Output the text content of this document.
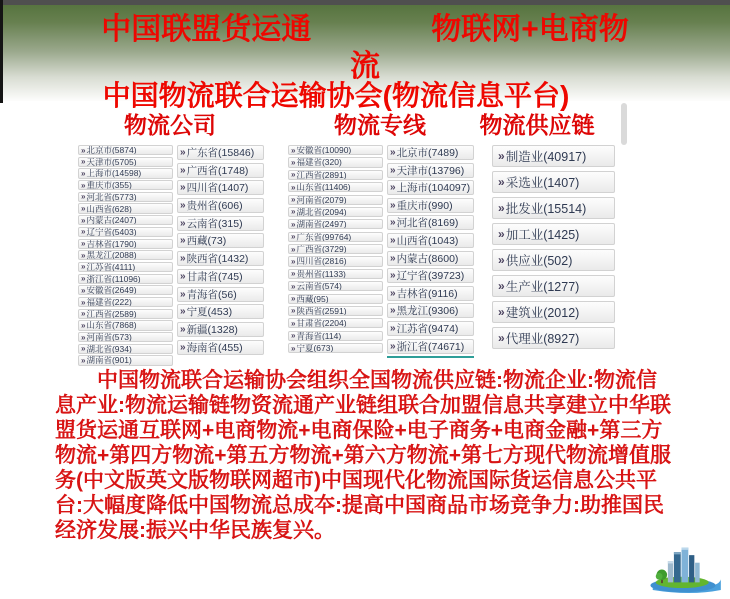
中国联盟货运通　　　　物联网+电商物流
中国物流联合运输协会(物流信息平台)
物流公司	物流专线	物流供应链
» 北京市(5874)
» 天津市(5705)
» 上海市(14598)
» 重庆市(355)
» 河北省(5773)
» 山西省(628)
» 内蒙古(2407)
» 辽宁省(5403)
» 吉林省(1790)
» 黑龙江(2088)
» 江苏省(4111)
» 浙江省(11096)
» 安徽省(2649)
» 福建省(222)
» 江西省(2589)
» 山东省(7868)
» 河南省(573)
» 湖北省(934)
» 湖南省(901)
» 广东省(15846)
» 广西省(1748)
» 四川省(1407)
» 贵州省(606)
» 云南省(315)
» 西藏(73)
» 陕西省(1432)
» 甘肃省(745)
» 青海省(56)
» 宁夏(453)
» 新疆(1328)
» 海南省(455)
» 安徽省(10090)
» 福建省(320)
» 江西省(2891)
» 山东省(11406)
» 河南省(2079)
» 湖北省(2094)
» 湖南省(2497)
» 广东省(99764)
» 广西省(3729)
» 四川省(2816)
» 贵州省(1133)
» 云南省(574)
» 西藏(95)
» 陕西省(2591)
» 甘肃省(2204)
» 青海省(114)
» 宁夏(673)
» 北京市(7489)
» 天津市(13796)
» 上海市(104097)
» 重庆市(990)
» 河北省(8169)
» 山西省(1043)
» 内蒙古(8600)
» 辽宁省(39723)
» 吉林省(9116)
» 黑龙江(9306)
» 江苏省(9474)
» 浙江省(74671)
» 制造业(40917)
» 采选业(1407)
» 批发业(15514)
» 加工业(1425)
» 供应业(502)
» 生产业(1277)
» 建筑业(2012)
» 代理业(8927)
中国物流联合运输协会组织全国物流供应链:物流企业:物流信息产业:物流运输链物资流通产业链组联合加盟信息共享建立中华联盟货运通互联网+电商物流+电商保险+电子商务+电商金融+第三方物流+第四方物流+第五方物流+第六方物流+第七方现代物流增值服务(中文版英文版物联网超市)中国现代化物流国际货运信息公共平台:大幅度降低中国物流总成夲:提高中国商品市场竞争力:助推国民经济发展:振兴中华民族复兴。
